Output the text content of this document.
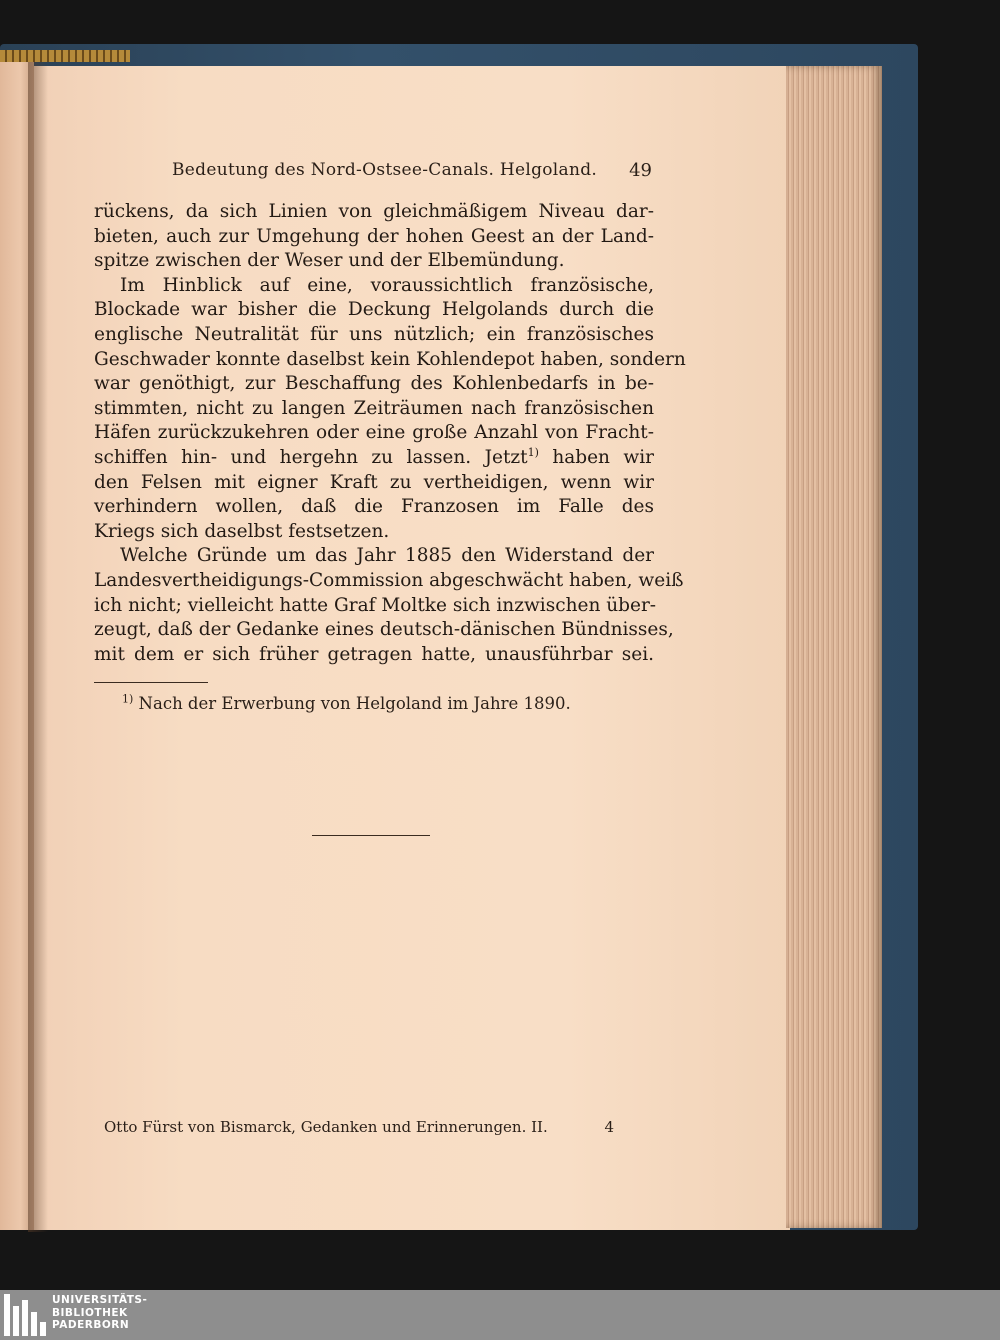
Bedeutung des Nord-Ostsee-Canals. Helgoland. 49
rückens, da sich Linien von gleichmäßigem Niveau dar-
bieten, auch zur Umgehung der hohen Geest an der Land-
spitze zwischen der Weser und der Elbemündung.
Im Hinblick auf eine, voraussichtlich französische,
Blockade war bisher die Deckung Helgolands durch die
englische Neutralität für uns nützlich; ein französisches
Geschwader konnte daselbst kein Kohlendepot haben, sondern
war genöthigt, zur Beschaffung des Kohlenbedarfs in be-
stimmten, nicht zu langen Zeiträumen nach französischen
Häfen zurückzukehren oder eine große Anzahl von Fracht-
schiffen hin- und hergehn zu lassen. Jetzt$^{1)}$ haben wir
den Felsen mit eigner Kraft zu vertheidigen, wenn wir
verhindern wollen, daß die Franzosen im Falle des
Kriegs sich daselbst festsetzen.
Welche Gründe um das Jahr 1885 den Widerstand der
Landesvertheidigungs-Commission abgeschwächt haben, weiß
ich nicht; vielleicht hatte Graf Moltke sich inzwischen über-
zeugt, daß der Gedanke eines deutsch-dänischen Bündnisses,
mit dem er sich früher getragen hatte, unausführbar sei.
$^{1)}$ Nach der Erwerbung von Helgoland im Jahre 1890.
Otto Fürst von Bismarck, Gedanken und Erinnerungen. II.	4
UNIVERSITÄTS-
BIBLIOTHEK
PADERBORN
